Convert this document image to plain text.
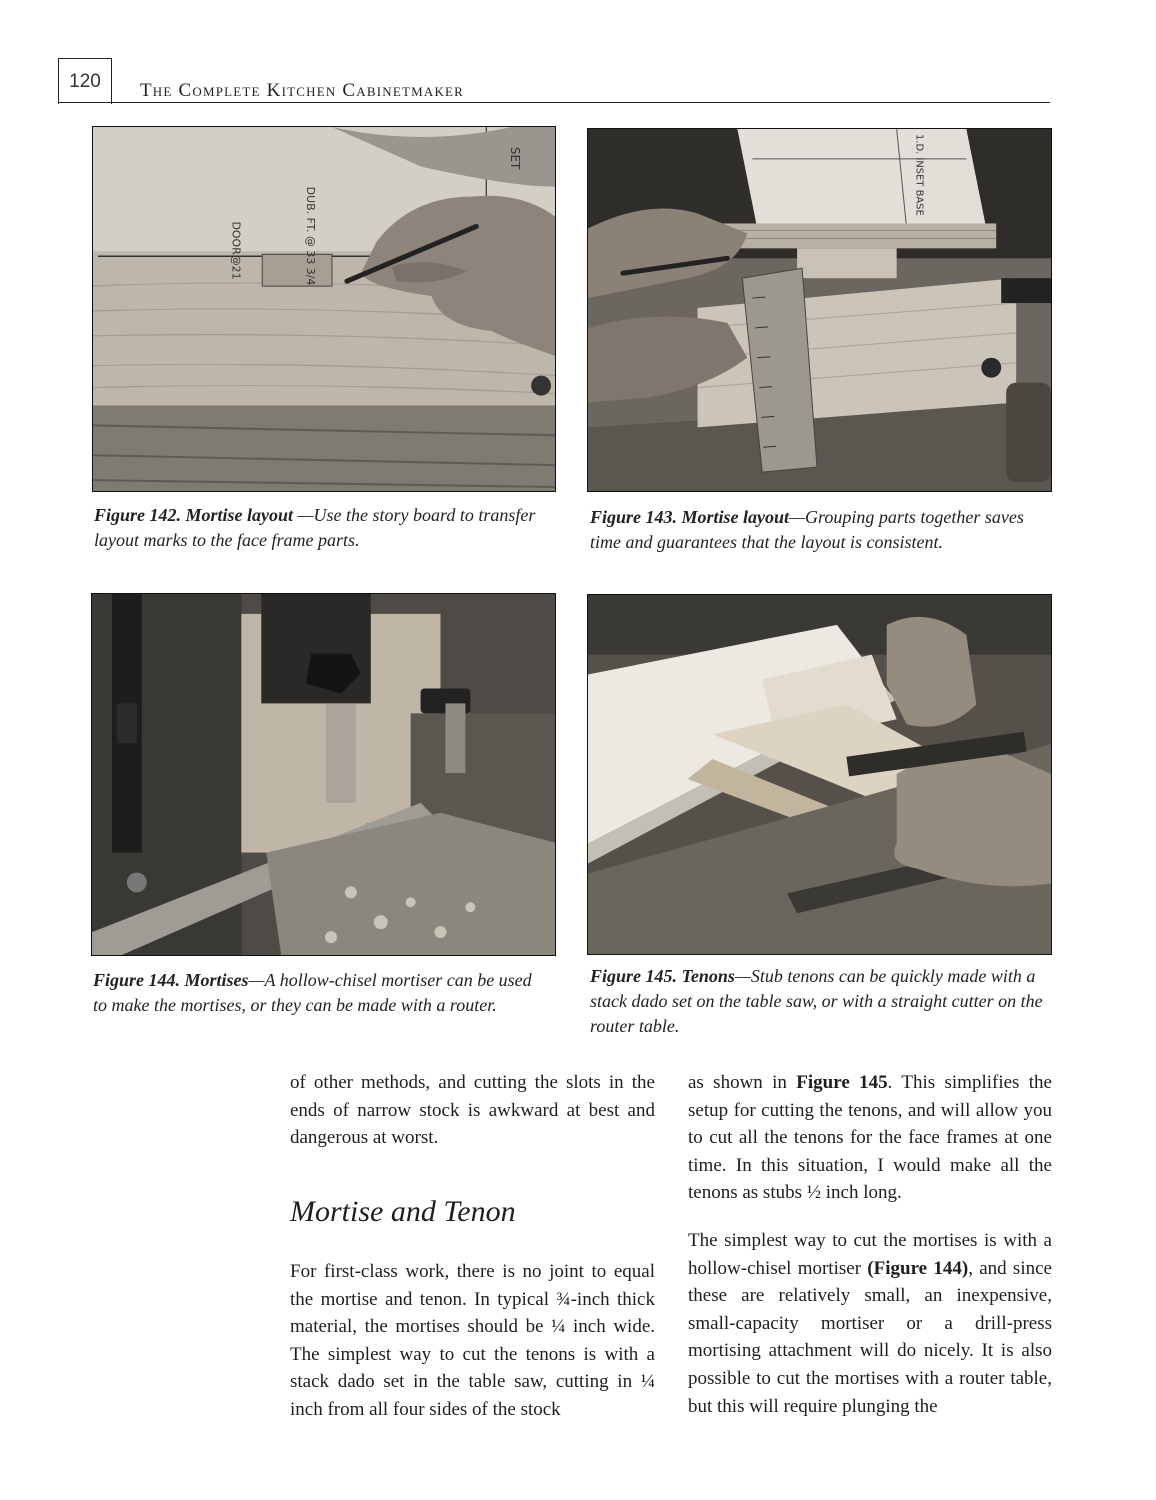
120	The Complete Kitchen Cabinetmaker
DOOR@21	DUB. FT. @ 33 3/4
SET
36 3/8	1.D. INSET BASE
Figure 142. Mortise layout —Use the story board to transfer layout marks to the face frame parts.
Figure 143. Mortise layout—Grouping parts together saves time and guarantees that the layout is consistent.
Figure 144. Mortises—A hollow-chisel mortiser can be used to make the mortises, or they can be made with a router.
Figure 145. Tenons—Stub tenons can be quickly made with a stack dado set on the table saw, or with a straight cutter on the router table.

of other methods, and cutting the slots in the ends of narrow stock is awkward at best and dangerous at worst.

Mortise and Tenon

For first-class work, there is no joint to equal the mortise and tenon. In typical ¾-inch thick material, the mortises should be ¼ inch wide. The simplest way to cut the tenons is with a stack dado set in the table saw, cutting in ¼ inch from all four sides of the stock

as shown in Figure 145. This simplifies the setup for cutting the tenons, and will allow you to cut all the tenons for the face frames at one time. In this situation, I would make all the tenons as stubs ½ inch long.

The simplest way to cut the mortises is with a hollow-chisel mortiser (Figure 144), and since these are relatively small, an inexpensive, small-capacity mortiser or a drill-press mortising attachment will do nicely. It is also possible to cut the mortises with a router table, but this will require plunging the
